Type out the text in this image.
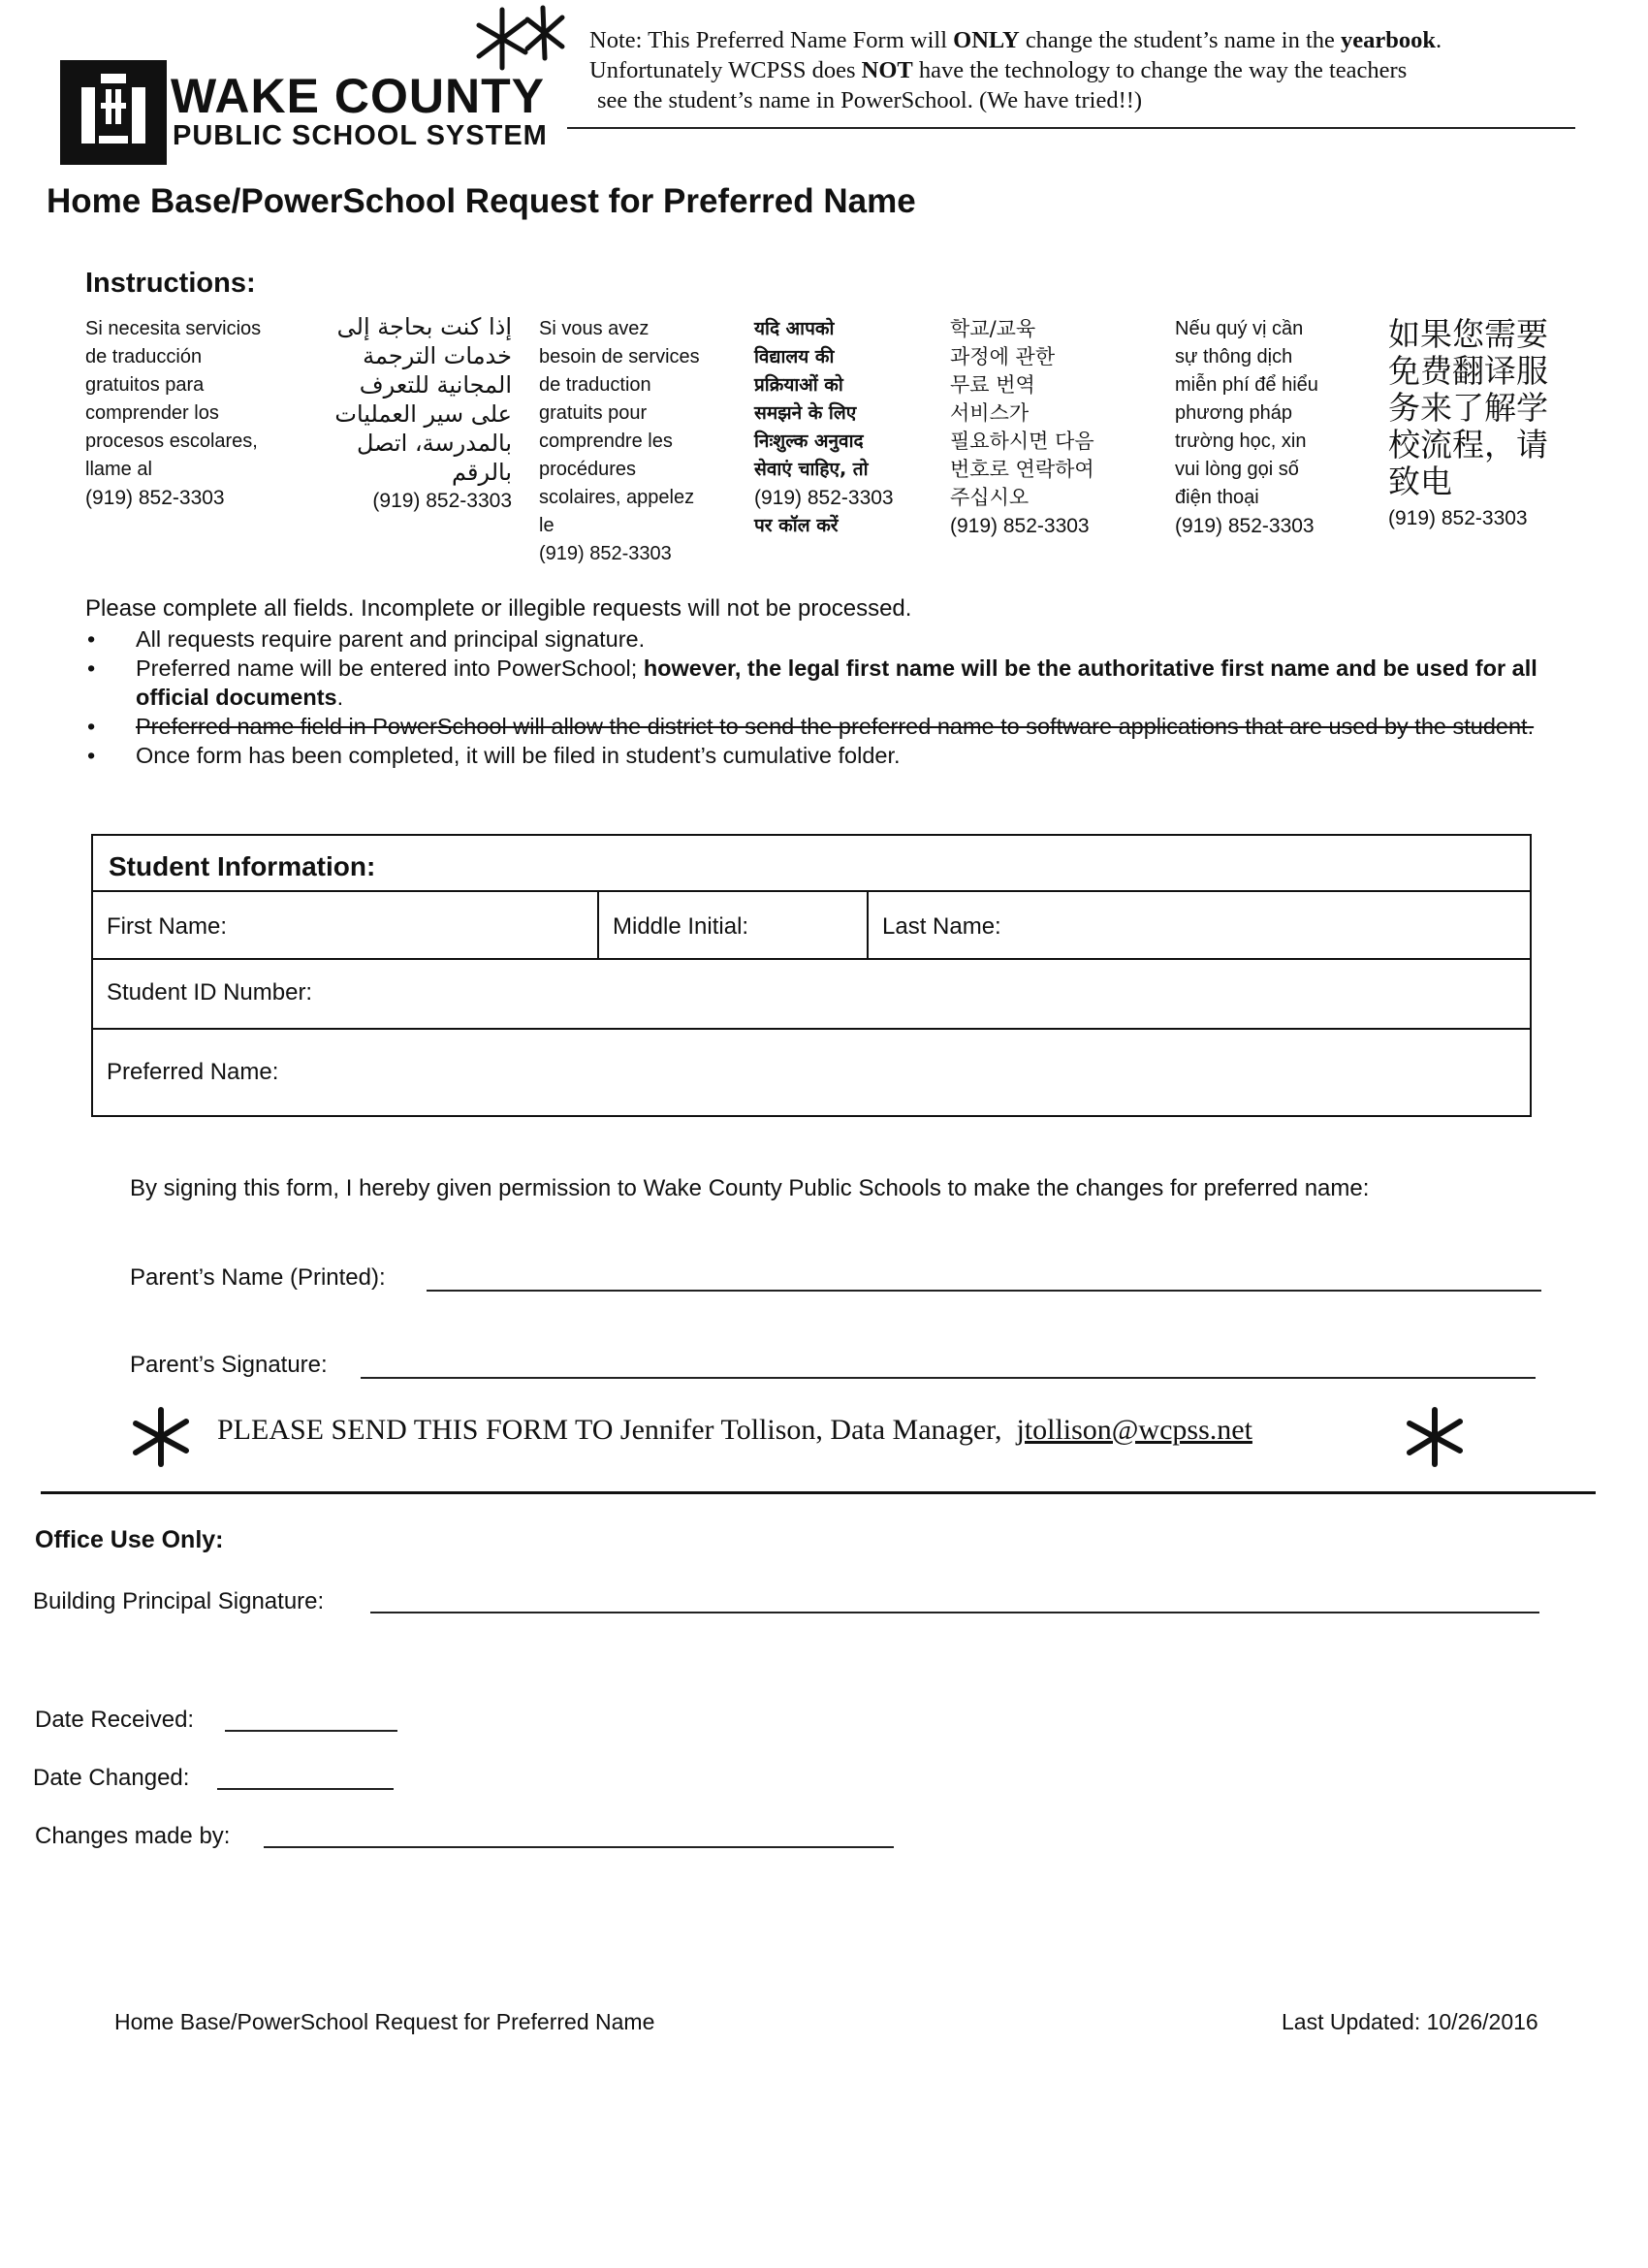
WAKE COUNTY
PUBLIC SCHOOL SYSTEM
Note: This Preferred Name Form will ONLY change the student’s name in the yearbook.
Unfortunately WCPSS does NOT have the technology to change the way the teachers
see the student’s name in PowerSchool. (We have tried!!)
Home Base/PowerSchool Request for Preferred Name
Instructions:
Si necesita servicios
de traducción
gratuitos para
comprender los
procesos escolares,
llame al
(919) 852-3303
إذا كنت بحاجة إلى
خدمات الترجمة
المجانية للتعرف
على سير العمليات
بالمدرسة، اتصل
بالرقم
(919) 852-3303
Si vous avez
besoin de services
de traduction
gratuits pour
comprendre les
procédures
scolaires, appelez
le
(919) 852-3303
यदि आपको
विद्यालय की
प्रक्रियाओं को
समझने के लिए
निःशुल्क अनुवाद
सेवाएं चाहिए, तो
(919) 852-3303
पर कॉल करें
학교/교육
과정에 관한
무료 번역
서비스가
필요하시면 다음
번호로 연락하여
주십시오
(919) 852-3303
Nếu quý vị cần
sự thông dịch
miễn phí để hiểu
phương pháp
trường học, xin
vui lòng gọi số
điện thoại
(919) 852-3303
如果您需要
免费翻译服
务来了解学
校流程，请
致电
(919) 852-3303
Please complete all fields. Incomplete or illegible requests will not be processed.
• All requests require parent and principal signature.
• Preferred name will be entered into PowerSchool; however, the legal first name will be the authoritative first name and be used for all official documents.
• Preferred name field in PowerSchool will allow the district to send the preferred name to software applications that are used by the student.
• Once form has been completed, it will be filed in student’s cumulative folder.
Student Information:
First Name:	Middle Initial:	Last Name:
Student ID Number:
Preferred Name:
By signing this form, I hereby given permission to Wake County Public Schools to make the changes for preferred name:
Parent’s Name (Printed):
Parent’s Signature:
PLEASE SEND THIS FORM TO Jennifer Tollison, Data Manager, jtollison@wcpss.net
Office Use Only:
Building Principal Signature:
Date Received:
Date Changed:
Changes made by:
Home Base/PowerSchool Request for Preferred Name	Last Updated: 10/26/2016
